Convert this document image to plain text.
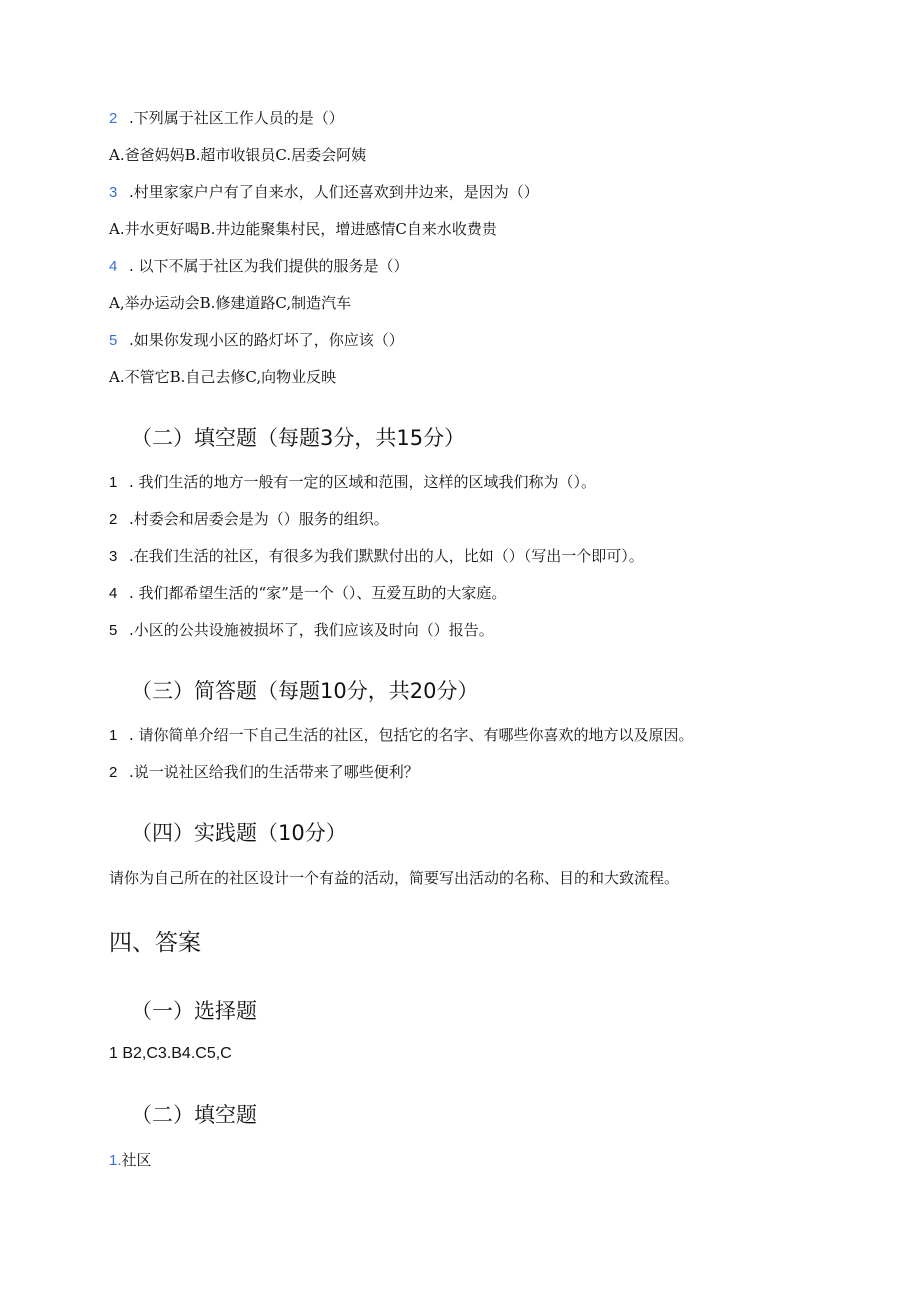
2 .下列属于社区工作人员的是（）
A.爸爸妈妈B.超市收银员C.居委会阿姨
3 .村里家家户户有了自来水，人们还喜欢到井边来，是因为（）
A.井水更好喝B.井边能聚集村民，增进感情C自来水收费贵
4 . 以下不属于社区为我们提供的服务是（）
A,举办运动会B.修建道路C,制造汽车
5 .如果你发现小区的路灯坏了，你应该（）
A.不管它B.自己去修C,向物业反映
（二）填空题（每题3分，共15分）
1 . 我们生活的地方一般有一定的区域和范围，这样的区域我们称为（）。
2 .村委会和居委会是为（）服务的组织。
3 .在我们生活的社区，有很多为我们默默付出的人，比如（）（写出一个即可）。
4 . 我们都希望生活的“家”是一个（）、互爱互助的大家庭。
5 .小区的公共设施被损坏了，我们应该及时向（）报告。
（三）简答题（每题10分，共20分）
1 . 请你简单介绍一下自己生活的社区，包括它的名字、有哪些你喜欢的地方以及原因。
2 .说一说社区给我们的生活带来了哪些便利？
（四）实践题（10分）
请你为自己所在的社区设计一个有益的活动，简要写出活动的名称、目的和大致流程。
四、答案
（一）选择题
1 B2,C3.B4.C5,C
（二）填空题
1.社区
